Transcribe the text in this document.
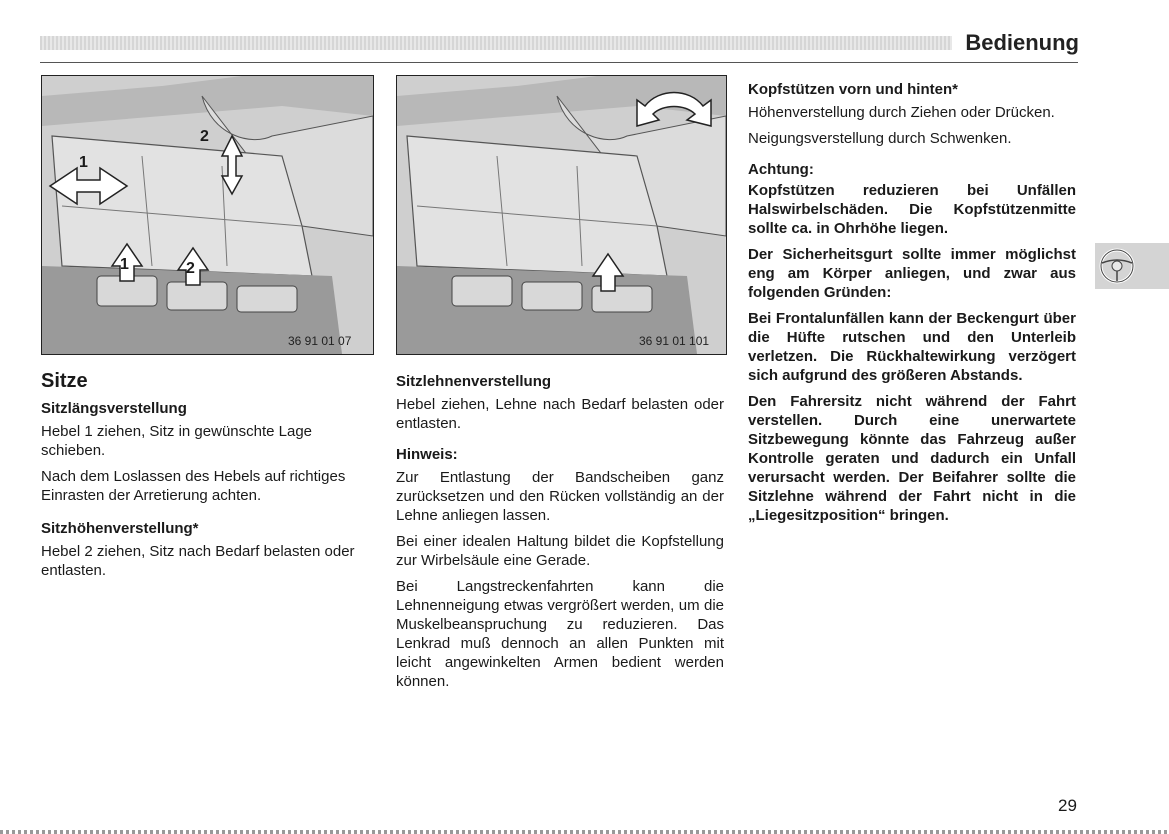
Bedienung
1
2
1	2
36 91 01 07	36 91 01 101
Sitze
Sitzlängsverstellung

Hebel 1 ziehen, Sitz in gewünschte Lage schieben.

Nach dem Loslassen des Hebels auf richtiges Einrasten der Arretierung achten.

Sitzhöhenverstellung*

Hebel 2 ziehen, Sitz nach Bedarf belasten oder entlasten.

Sitzlehnenverstellung

Hebel ziehen, Lehne nach Bedarf belasten oder entlasten.

Hinweis:

Zur Entlastung der Bandscheiben ganz zurücksetzen und den Rücken vollständig an der Lehne anliegen lassen.

Bei einer idealen Haltung bildet die Kopfstellung zur Wirbelsäule eine Gerade.

Bei Langstreckenfahrten kann die Lehnenneigung etwas vergrößert werden, um die Muskelbeanspruchung zu reduzieren. Das Lenkrad muß dennoch an allen Punkten mit leicht angewinkelten Armen bedient werden können.

Kopfstützen vorn und hinten*

Höhenverstellung durch Ziehen oder Drücken.

Neigungsverstellung durch Schwenken.

Achtung:

Kopfstützen reduzieren bei Unfällen Halswirbelschäden. Die Kopfstützenmitte sollte ca. in Ohrhöhe liegen.

Der Sicherheitsgurt sollte immer möglichst eng am Körper anliegen, und zwar aus folgenden Gründen:

Bei Frontalunfällen kann der Beckengurt über die Hüfte rutschen und den Unterleib verletzen. Die Rückhaltewirkung verzögert sich aufgrund des größeren Abstands.

Den Fahrersitz nicht während der Fahrt verstellen. Durch eine unerwartete Sitzbewegung könnte das Fahrzeug außer Kontrolle geraten und dadurch ein Unfall verursacht werden. Der Beifahrer sollte die Sitzlehne während der Fahrt nicht in die „Liegesitzposition“ bringen.

29
